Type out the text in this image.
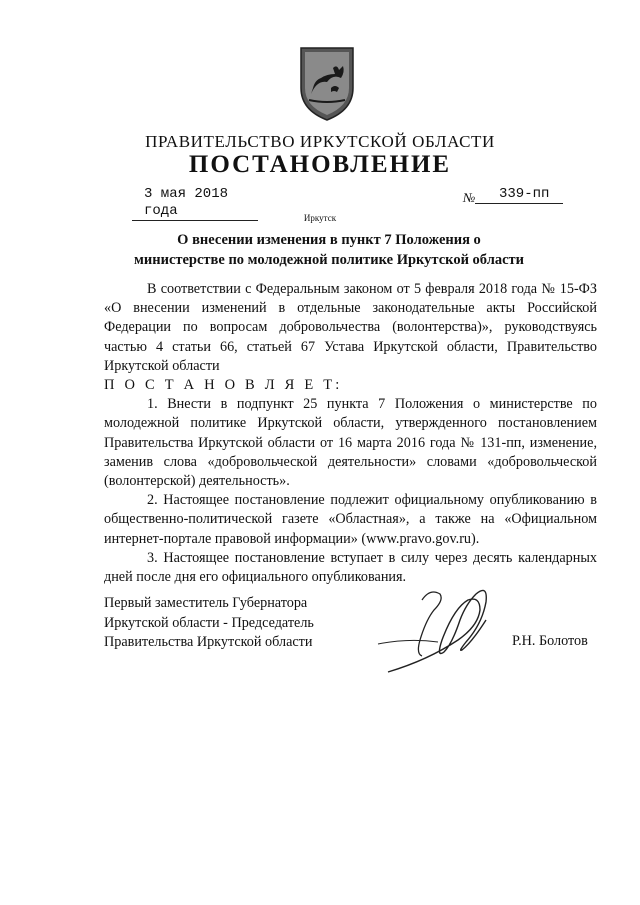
ПРАВИТЕЛЬСТВО ИРКУТСКОЙ ОБЛАСТИ
ПОСТАНОВЛЕНИЕ
3 мая 2018 года
№	339-пп
Иркутск
О внесении изменения в пункт 7 Положения о министерстве по молодежной политике Иркутской области

В соответствии с Федеральным законом от 5 февраля 2018 года № 15-ФЗ «О внесении изменений в отдельные законодательные акты Российской Федерации по вопросам добровольчества (волонтерства)», руководствуясь частью 4 статьи 66, статьей 67 Устава Иркутской области, Правительство Иркутской области

П О С Т А Н О В Л Я Е Т:

1. Внести в подпункт 25 пункта 7 Положения о министерстве по молодежной политике Иркутской области, утвержденного постановлением Правительства Иркутской области от 16 марта 2016 года № 131-пп, изменение, заменив слова «добровольческой деятельности» словами «добровольческой (волонтерской) деятельность».

2. Настоящее постановление подлежит официальному опубликованию в общественно-политической газете «Областная», а также на «Официальном интернет-портале правовой информации» (www.pravo.gov.ru).

3. Настоящее постановление вступает в силу через десять календарных дней после дня его официального опубликования.

Первый заместитель Губернатора
Иркутской области - Председатель
Правительства Иркутской области	Р.Н. Болотов
